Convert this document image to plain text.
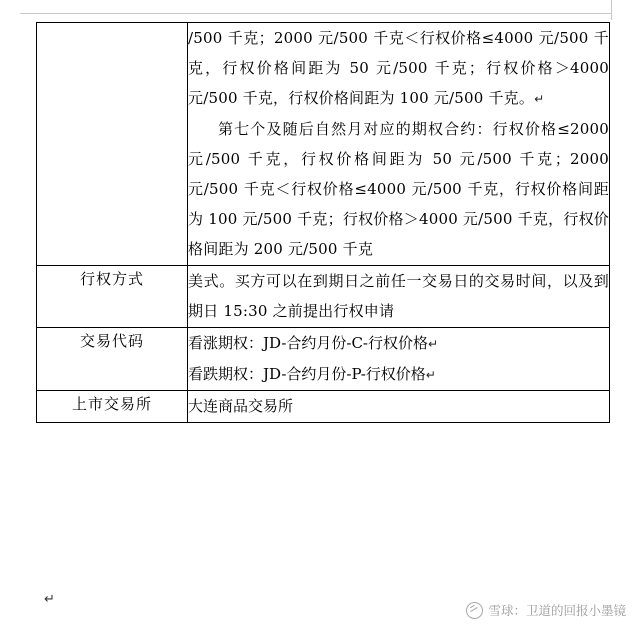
	/500 千克；2000 元/500 千克＜行权价格≤4000 元/500 千克，行权价格间距为 50 元/500 千克；行权价格＞4000 元/500 千克，行权价格间距为 100 元/500 千克。↵

第七个及随后自然月对应的期权合约：行权价格≤2000 元/500 千克，行权价格间距为 50 元/500 千克；2000 元/500 千克＜行权价格≤4000 元/500 千克，行权价格间距为 100 元/500 千克；行权价格＞4000 元/500 千克，行权价格间距为 200 元/500 千克

行权方式	美式。买方可以在到期日之前任一交易日的交易时间，以及到期日 15:30 之前提出行权申请

交易代码	看涨期权：JD-合约月份-C-行权价格↵

看跌期权：JD-合约月份-P-行权价格↵

上市交易所	大连商品交易所

↵
雪球：卫道的回报小墨镜
